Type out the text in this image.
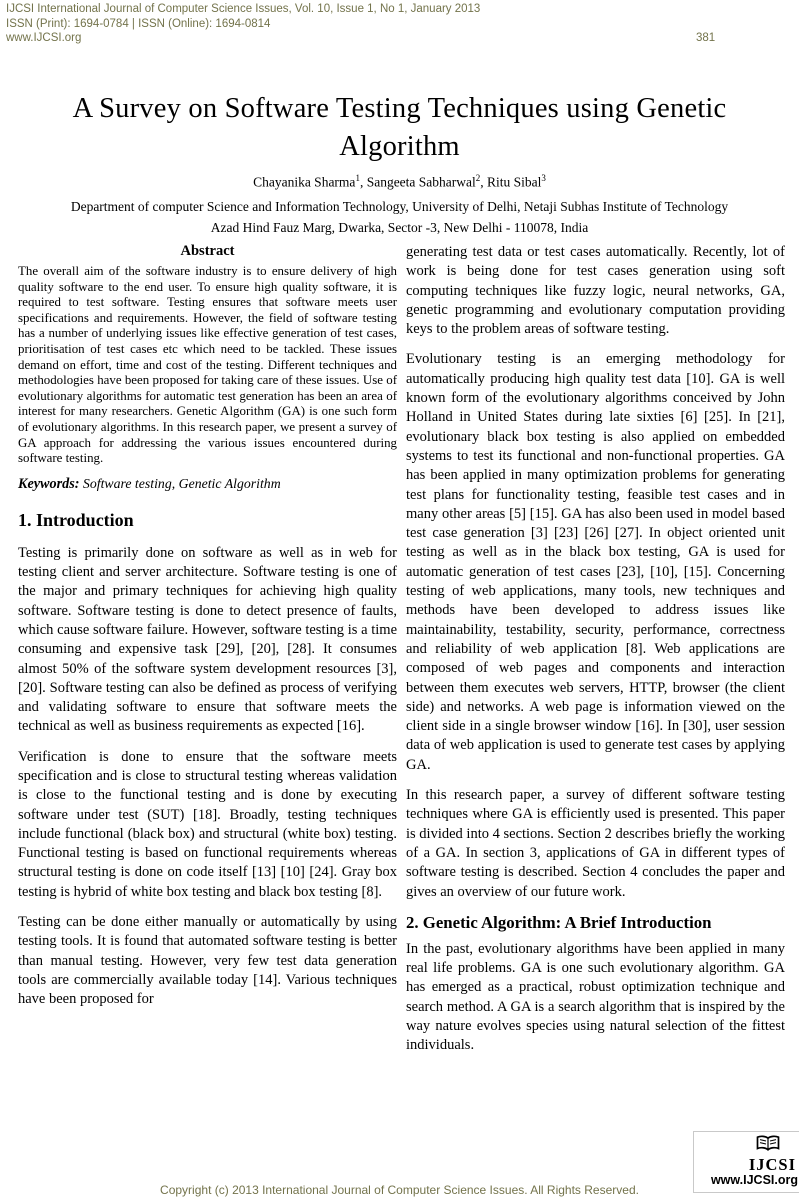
IJCSI International Journal of Computer Science Issues, Vol. 10, Issue 1, No 1, January 2013
ISSN (Print): 1694-0784 | ISSN (Online): 1694-0814
www.IJCSI.org	381
A Survey on Software Testing Techniques using Genetic Algorithm
Chayanika Sharma$^1$, Sangeeta Sabharwal$^2$, Ritu Sibal$^3$
Department of computer Science and Information Technology, University of Delhi, Netaji Subhas Institute of Technology
Azad Hind Fauz Marg, Dwarka, Sector -3, New Delhi - 110078, India
Abstract
The overall aim of the software industry is to ensure delivery of high quality software to the end user. To ensure high quality software, it is required to test software. Testing ensures that software meets user specifications and requirements. However, the field of software testing has a number of underlying issues like effective generation of test cases, prioritisation of test cases etc which need to be tackled. These issues demand on effort, time and cost of the testing. Different techniques and methodologies have been proposed for taking care of these issues. Use of evolutionary algorithms for automatic test generation has been an area of interest for many researchers. Genetic Algorithm (GA) is one such form of evolutionary algorithms. In this research paper, we present a survey of GA approach for addressing the various issues encountered during software testing.
Keywords: Software testing, Genetic Algorithm
1. Introduction

Testing is primarily done on software as well as in web for testing client and server architecture. Software testing is one of the major and primary techniques for achieving high quality software. Software testing is done to detect presence of faults, which cause software failure. However, software testing is a time consuming and expensive task [29], [20], [28]. It consumes almost 50% of the software system development resources [3], [20]. Software testing can also be defined as process of verifying and validating software to ensure that software meets the technical as well as business requirements as expected [16].

Verification is done to ensure that the software meets specification and is close to structural testing whereas validation is close to the functional testing and is done by executing software under test (SUT) [18]. Broadly, testing techniques include functional (black box) and structural (white box) testing. Functional testing is based on functional requirements whereas structural testing is done on code itself [13] [10] [24]. Gray box testing is hybrid of white box testing and black box testing [8].

Testing can be done either manually or automatically by using testing tools. It is found that automated software testing is better than manual testing. However, very few test data generation tools are commercially available today [14]. Various techniques have been proposed for

generating test data or test cases automatically. Recently, lot of work is being done for test cases generation using soft computing techniques like fuzzy logic, neural networks, GA, genetic programming and evolutionary computation providing keys to the problem areas of software testing.

Evolutionary testing is an emerging methodology for automatically producing high quality test data [10]. GA is well known form of the evolutionary algorithms conceived by John Holland in United States during late sixties [6] [25]. In [21], evolutionary black box testing is also applied on embedded systems to test its functional and non-functional properties. GA has been applied in many optimization problems for generating test plans for functionality testing, feasible test cases and in many other areas [5] [15]. GA has also been used in model based test case generation [3] [23] [26] [27]. In object oriented unit testing as well as in the black box testing, GA is used for automatic generation of test cases [23], [10], [15]. Concerning testing of web applications, many tools, new techniques and methods have been developed to address issues like maintainability, testability, security, performance, correctness and reliability of web application [8]. Web applications are composed of web pages and components and interaction between them executes web servers, HTTP, browser (the client side) and networks. A web page is information viewed on the client side in a single browser window [16]. In [30], user session data of web application is used to generate test cases by applying GA.

In this research paper, a survey of different software testing techniques where GA is efficiently used is presented. This paper is divided into 4 sections. Section 2 describes briefly the working of a GA. In section 3, applications of GA in different types of software testing is described. Section 4 concludes the paper and gives an overview of our future work.

2. Genetic Algorithm: A Brief Introduction

In the past, evolutionary algorithms have been applied in many real life problems. GA is one such evolutionary algorithm. GA has emerged as a practical, robust optimization technique and search method. A GA is a search algorithm that is inspired by the way nature evolves species using natural selection of the fittest individuals.

IJCSI
www.IJCSI.org
Copyright (c) 2013 International Journal of Computer Science Issues. All Rights Reserved.
